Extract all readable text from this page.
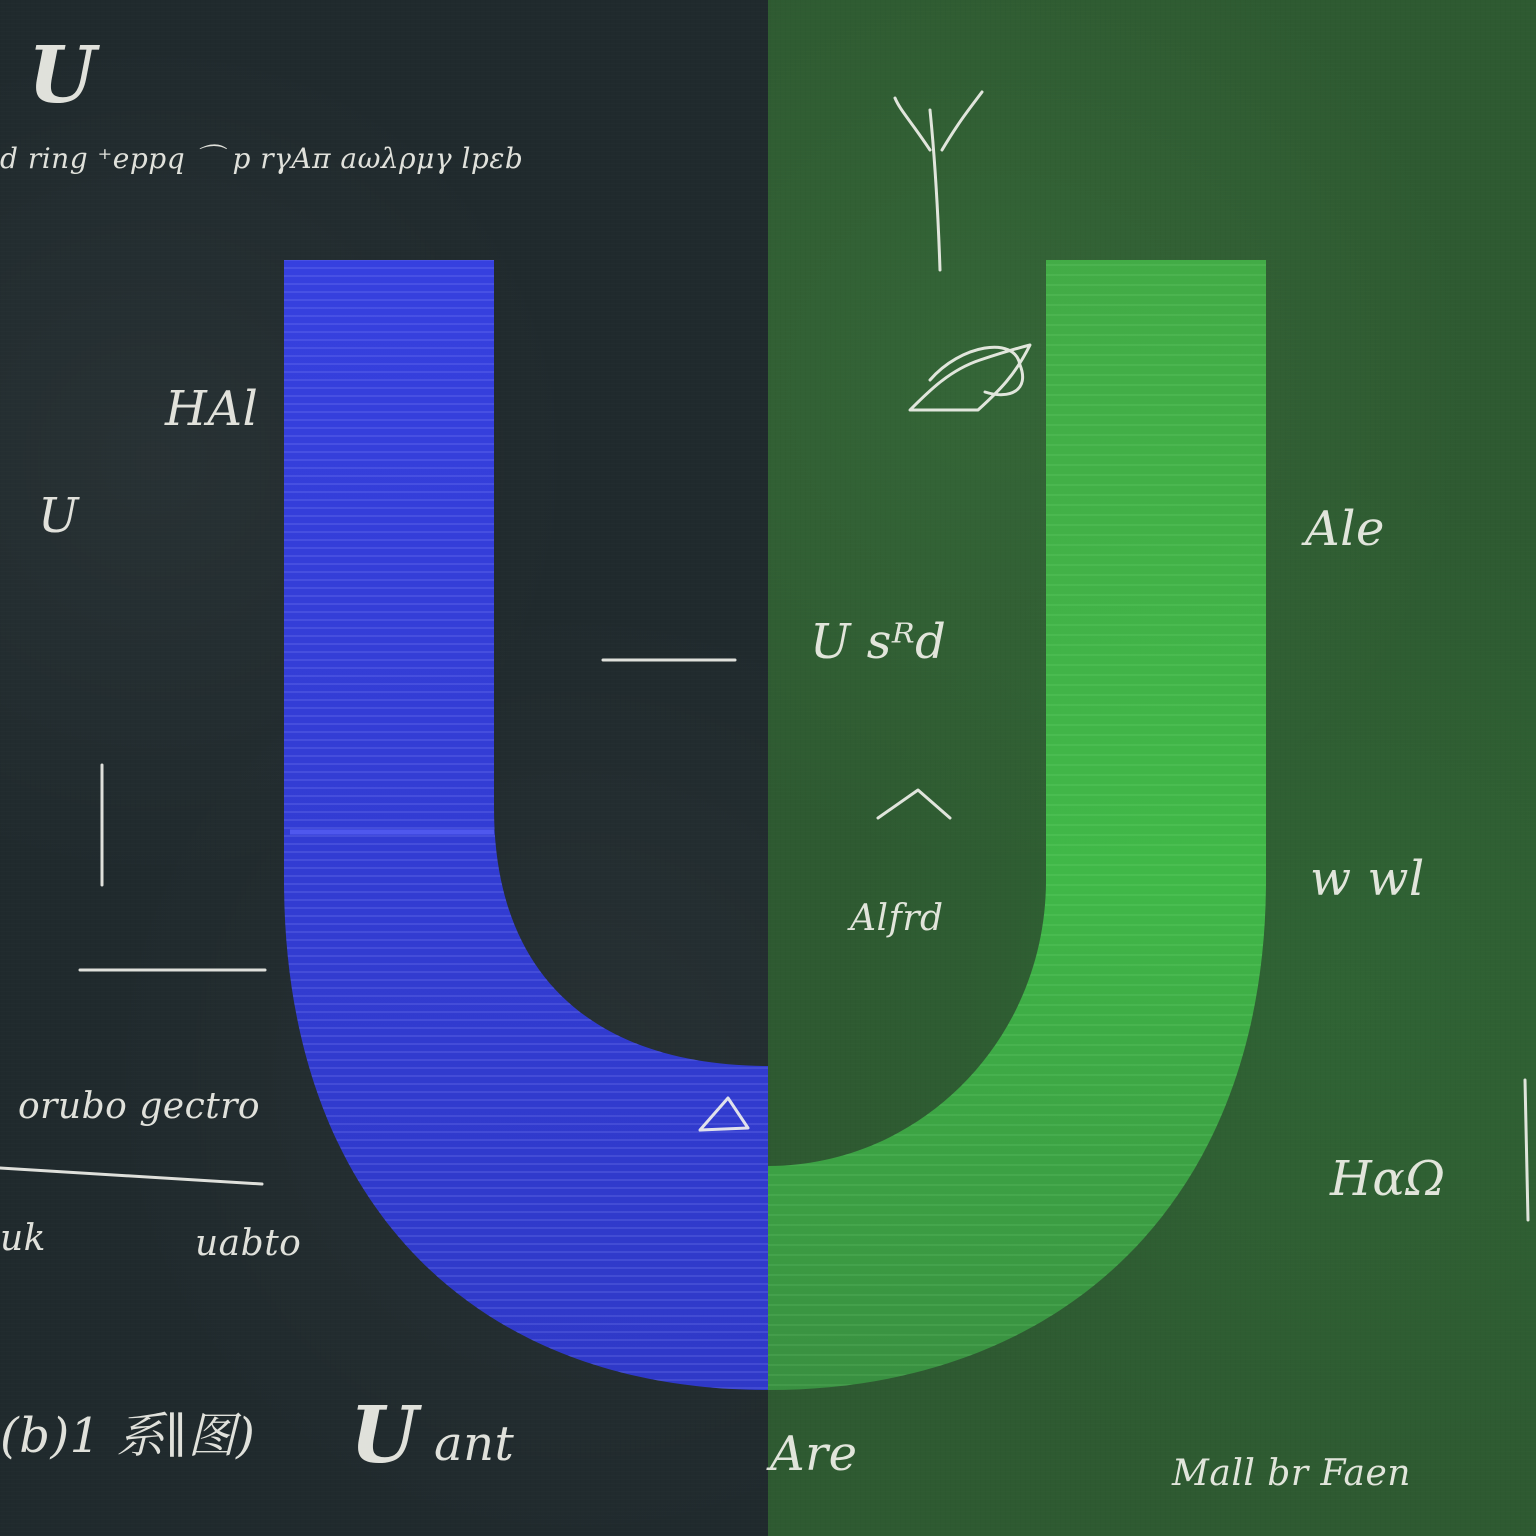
U
d ring ⁺eppq ⌒ p rγAπ aωλρμγ lpεb
HAl
U
orubo gectro
uk	uabto
(b)1 系∥图) U ant
U sᴿd
Alfrd
Ale
w wl
HαΩ
Are	Mall br Faen
